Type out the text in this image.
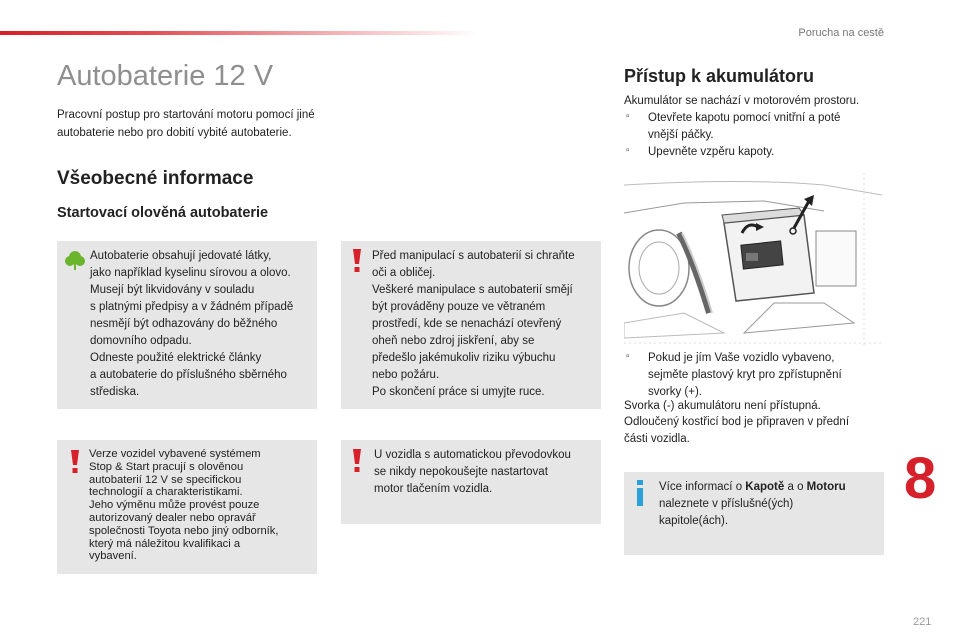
Porucha na cestě
Autobaterie 12 V
Pracovní postup pro startování motoru pomocí jiné autobaterie nebo pro dobití vybité autobaterie.
Všeobecné informace
Startovací olověná autobaterie

Autobaterie obsahují jedovaté látky,

jako například kyselinu sírovou a olovo.

Musejí být likvidovány v souladu

s platnými předpisy a v žádném případě

nesmějí být odhazovány do běžného

domovního odpadu.

Odneste použité elektrické články

a autobaterie do příslušného sběrného

střediska.

Před manipulací s autobaterií si chraňte

oči a obličej.

Veškeré manipulace s autobaterií smějí

být prováděny pouze ve větraném

prostředí, kde se nenachází otevřený

oheň nebo zdroj jiskření, aby se

předešlo jakémukoliv riziku výbuchu

nebo požáru.

Po skončení práce si umyjte ruce.

Verze vozidel vybavené systémem

Stop & Start pracují s olověnou

autobaterií 12 V se specifickou

technologií a charakteristikami.

Jeho výměnu může provést pouze

autorizovaný dealer nebo opravář

společnosti Toyota nebo jiný odborník,

který má náležitou kvalifikaci a

vybavení.

U vozidla s automatickou převodovkou

se nikdy nepokoušejte nastartovat

motor tlačením vozidla.

Přístup k akumulátoru
Akumulátor se nachází v motorovém prostoru.
▫ Otevřete kapotu pomocí vnitřní a poté
vnější páčky.
▫ Upevněte vzpěru kapoty.
▫ Pokud je jím Vaše vozidlo vybaveno,
sejměte plastový kryt pro zpřístupnění
svorky (+).
Svorka (-) akumulátoru není přístupná.
Odloučený kostřicí bod je připraven v přední
části vozidla.

Více informací o Kapotě a o Motoru

naleznete v příslušné(ých)

kapitole(ách).

8
221
